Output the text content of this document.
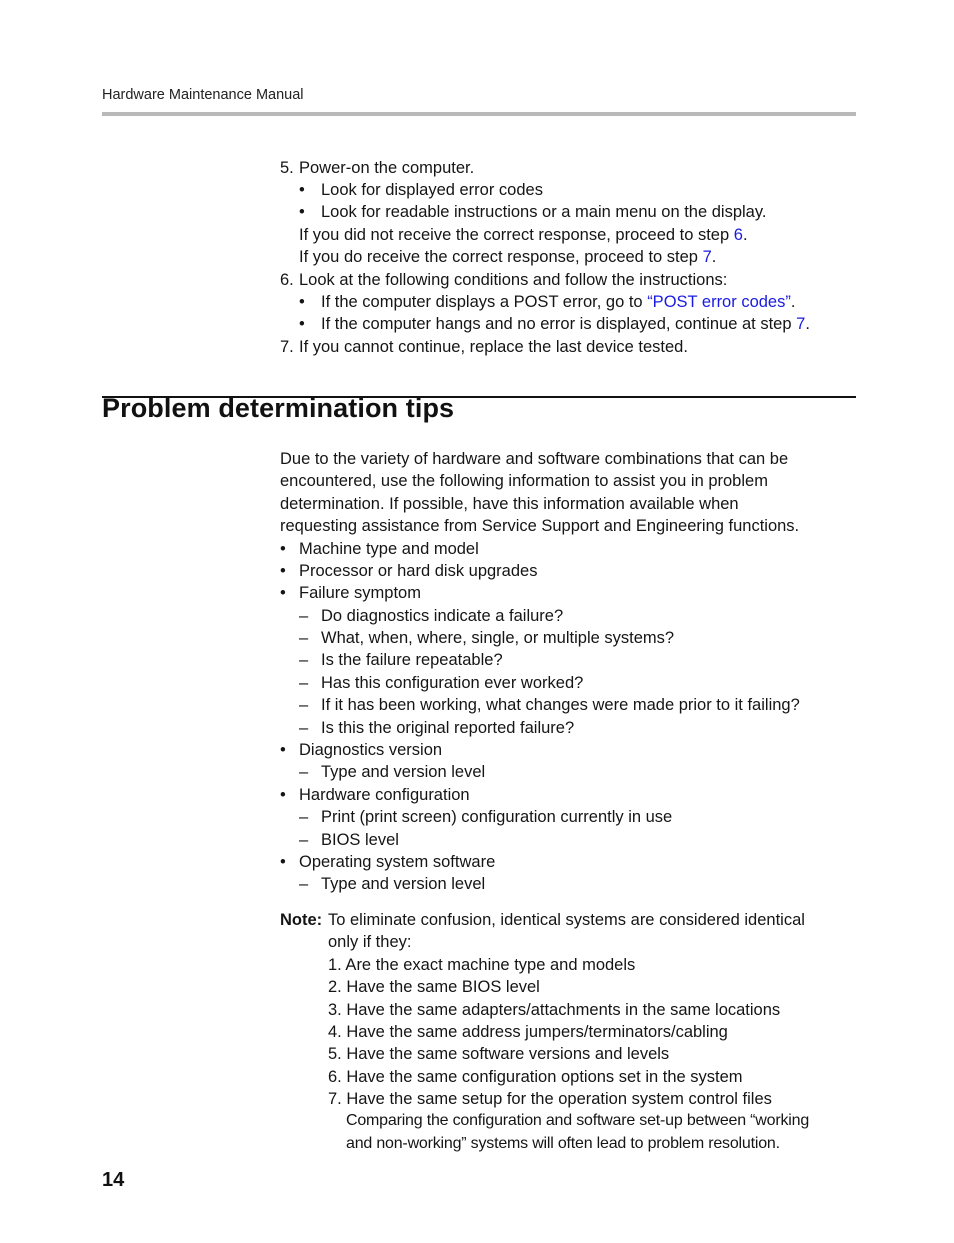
Hardware Maintenance Manual
5. Power-on the computer.
• Look for displayed error codes
• Look for readable instructions or a main menu on the display.
If you did not receive the correct response, proceed to step 6.
If you do receive the correct response, proceed to step 7.
6. Look at the following conditions and follow the instructions:
• If the computer displays a POST error, go to “POST error codes”.
• If the computer hangs and no error is displayed, continue at step 7.
7. If you cannot continue, replace the last device tested.
Problem determination tips
Due to the variety of hardware and software combinations that can be
encountered, use the following information to assist you in problem
determination. If possible, have this information available when
requesting assistance from Service Support and Engineering functions.
• Machine type and model
• Processor or hard disk upgrades
• Failure symptom
– Do diagnostics indicate a failure?
– What, when, where, single, or multiple systems?
– Is the failure repeatable?
– Has this configuration ever worked?
– If it has been working, what changes were made prior to it failing?
– Is this the original reported failure?
• Diagnostics version
– Type and version level
• Hardware configuration
– Print (print screen) configuration currently in use
– BIOS level
• Operating system software
– Type and version level
Note: To eliminate confusion, identical systems are considered identical
only if they:
1. Are the exact machine type and models
2. Have the same BIOS level
3. Have the same adapters/attachments in the same locations
4. Have the same address jumpers/terminators/cabling
5. Have the same software versions and levels
6. Have the same configuration options set in the system
7. Have the same setup for the operation system control files
Comparing the configuration and software set-up between “working
and non-working” systems will often lead to problem resolution.
14
